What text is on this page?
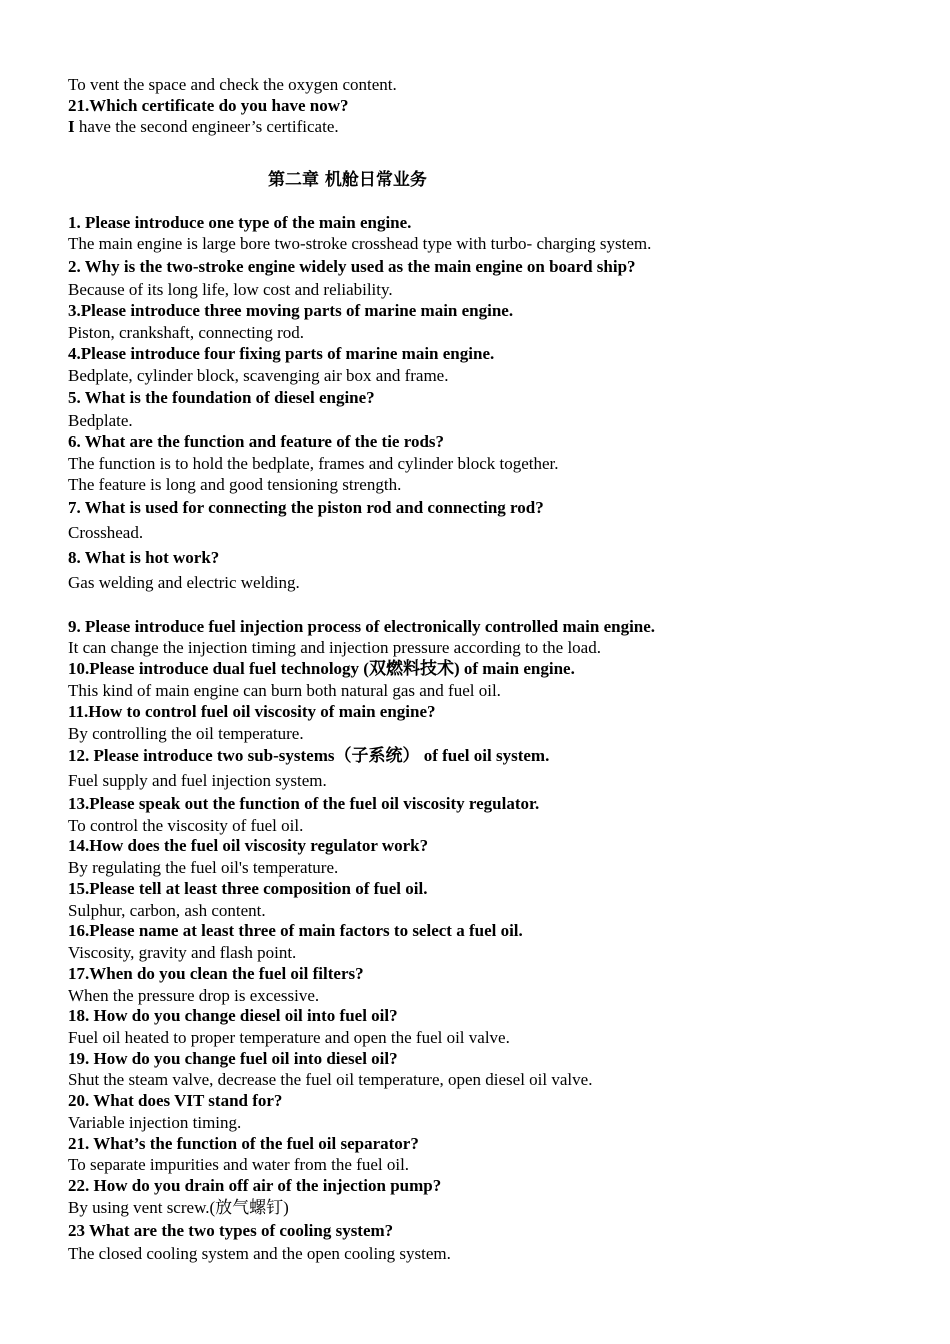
To vent the space and check the oxygen content.
21.Which certificate do you have now?
I have the second engineer’s certificate.
第二章 机舱日常业务
1. Please introduce one type of the main engine.
The main engine is large bore two-stroke crosshead type with turbo- charging system.
2. Why is the two-stroke engine widely used as the main engine on board ship?
Because of its long life, low cost and reliability.
3.Please introduce three moving parts of marine main engine.
Piston, crankshaft, connecting rod.
4.Please introduce four fixing parts of marine main engine.
Bedplate, cylinder block, scavenging air box and frame.
5. What is the foundation of diesel engine?
Bedplate.
6. What are the function and feature of the tie rods?
The function is to hold the bedplate, frames and cylinder block together.
The feature is long and good tensioning strength.
7. What is used for connecting the piston rod and connecting rod?
Crosshead.
8. What is hot work?
Gas welding and electric welding.
9. Please introduce fuel injection process of electronically controlled main engine.
It can change the injection timing and injection pressure according to the load.
10.Please introduce dual fuel technology (双燃料技术) of main engine.
This kind of main engine can burn both natural gas and fuel oil.
11.How to control fuel oil viscosity of main engine?
By controlling the oil temperature.
12. Please introduce two sub-systems（子系统） of fuel oil system.
Fuel supply and fuel injection system.
13.Please speak out the function of the fuel oil viscosity regulator.
To control the viscosity of fuel oil.
14.How does the fuel oil viscosity regulator work?
By regulating the fuel oil's temperature.
15.Please tell at least three composition of fuel oil.
Sulphur, carbon, ash content.
16.Please name at least three of main factors to select a fuel oil.
Viscosity, gravity and flash point.
17.When do you clean the fuel oil filters?
When the pressure drop is excessive.
18. How do you change diesel oil into fuel oil?
Fuel oil heated to proper temperature and open the fuel oil valve.
19. How do you change fuel oil into diesel oil?
Shut the steam valve, decrease the fuel oil temperature, open diesel oil valve.
20. What does VIT stand for?
Variable injection timing.
21. What’s the function of the fuel oil separator?
To separate impurities and water from the fuel oil.
22. How do you drain off air of the injection pump?
By using vent screw.(放气螺钉)
23 What are the two types of cooling system?
The closed cooling system and the open cooling system.
